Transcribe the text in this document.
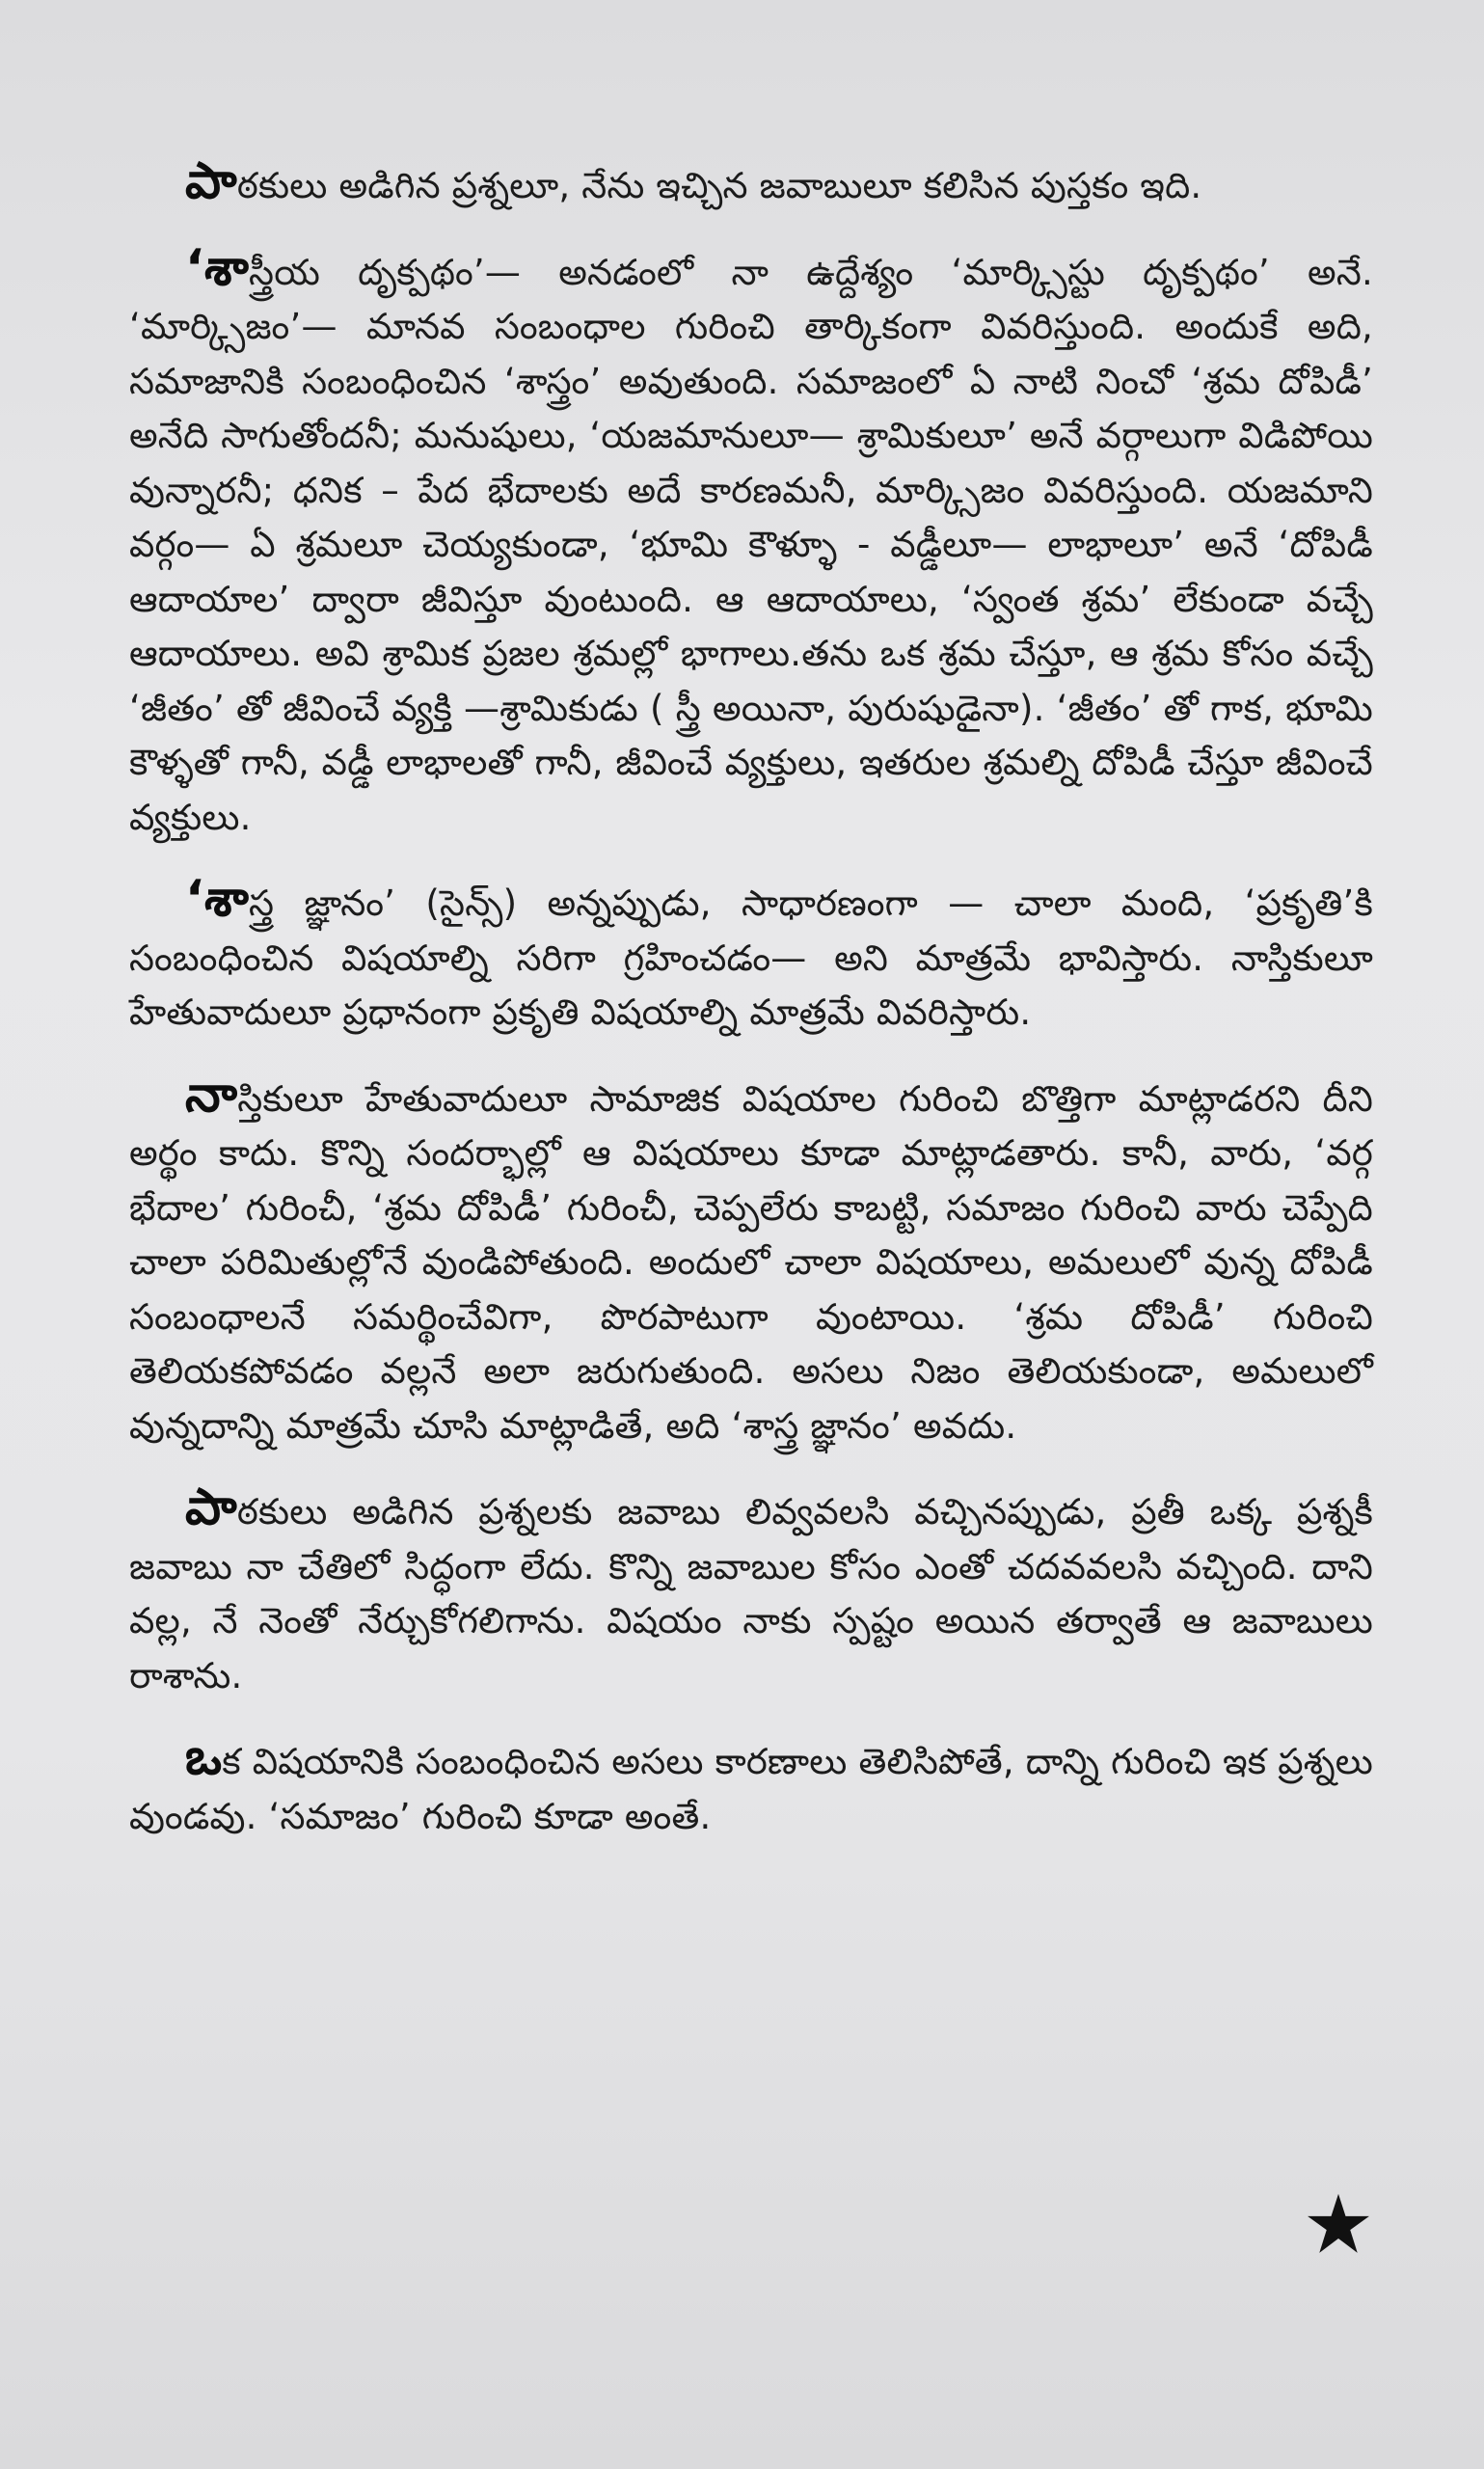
పాఠకులు అడిగిన ప్రశ్నలూ, నేను ఇచ్చిన జవాబులూ కలిసిన పుస్తకం ఇది.

‘శాస్త్రీయ దృక్పథం’— అనడంలో నా ఉద్దేశ్యం ‘మార్క్సిస్టు దృక్పథం’ అనే. ‘మార్క్సిజం’— మానవ సంబంధాల గురించి తార్కికంగా వివరిస్తుంది. అందుకే అది, సమాజానికి సంబంధించిన ‘శాస్త్రం’ అవుతుంది. సమాజంలో ఏ నాటి నించో ‘శ్రమ దోపిడీ’ అనేది సాగుతోందనీ; మనుషులు, ‘యజమానులూ— శ్రామికులూ’ అనే వర్గాలుగా విడిపోయి వున్నారనీ; ధనిక – పేద భేదాలకు అదే కారణమనీ, మార్క్సిజం వివరిస్తుంది. యజమాని వర్గం— ఏ శ్రమలూ చెయ్యకుండా, ‘భూమి కౌళ్ళూ - వడ్డీలూ— లాభాలూ’ అనే ‘దోపిడీ ఆదాయాల’ ద్వారా జీవిస్తూ వుంటుంది. ఆ ఆదాయాలు, ‘స్వంత శ్రమ’ లేకుండా వచ్చే ఆదాయాలు. అవి శ్రామిక ప్రజల శ్రమల్లో భాగాలు.తను ఒక శ్రమ చేస్తూ, ఆ శ్రమ కోసం వచ్చే ‘జీతం’ తో జీవించే వ్యక్తి —శ్రామికుడు ( స్త్రీ అయినా, పురుషుడైనా). ‘జీతం’ తో గాక, భూమి కౌళ్ళతో గానీ, వడ్డీ లాభాలతో గానీ, జీవించే వ్యక్తులు, ఇతరుల శ్రమల్ని దోపిడీ చేస్తూ జీవించే వ్యక్తులు.

‘శాస్త్ర జ్ఞానం’ (సైన్స్) అన్నప్పుడు, సాధారణంగా — చాలా మంది, ‘ప్రకృతి’కి సంబంధించిన విషయాల్ని సరిగా గ్రహించడం— అని మాత్రమే భావిస్తారు. నాస్తికులూ హేతువాదులూ ప్రధానంగా ప్రకృతి విషయాల్ని మాత్రమే వివరిస్తారు.

నాస్తికులూ హేతువాదులూ సామాజిక విషయాల గురించి బొత్తిగా మాట్లాడరని దీని అర్థం కాదు. కొన్ని సందర్భాల్లో ఆ విషయాలు కూడా మాట్లాడతారు. కానీ, వారు, ‘వర్గ భేదాల’ గురించీ, ‘శ్రమ దోపిడీ’ గురించీ, చెప్పలేరు కాబట్టి, సమాజం గురించి వారు చెప్పేది చాలా పరిమితుల్లోనే వుండిపోతుంది. అందులో చాలా విషయాలు, అమలులో వున్న దోపిడీ సంబంధాలనే సమర్థించేవిగా, పొరపాటుగా వుంటాయి. ‘శ్రమ దోపిడీ’ గురించి తెలియకపోవడం వల్లనే అలా జరుగుతుంది. అసలు నిజం తెలియకుండా, అమలులో వున్నదాన్ని మాత్రమే చూసి మాట్లాడితే, అది ‘శాస్త్ర జ్ఞానం’ అవదు.

పాఠకులు అడిగిన ప్రశ్నలకు జవాబు లివ్వవలసి వచ్చినప్పుడు, ప్రతీ ఒక్క ప్రశ్నకీ జవాబు నా చేతిలో సిద్ధంగా లేదు. కొన్ని జవాబుల కోసం ఎంతో చదవవలసి వచ్చింది. దాని వల్ల, నే నెంతో నేర్చుకోగలిగాను. విషయం నాకు స్పష్టం అయిన తర్వాతే ఆ జవాబులు రాశాను.

ఒక విషయానికి సంబంధించిన అసలు కారణాలు తెలిసిపోతే, దాన్ని గురించి ఇక ప్రశ్నలు వుండవు. ‘సమాజం’ గురించి కూడా అంతే.
